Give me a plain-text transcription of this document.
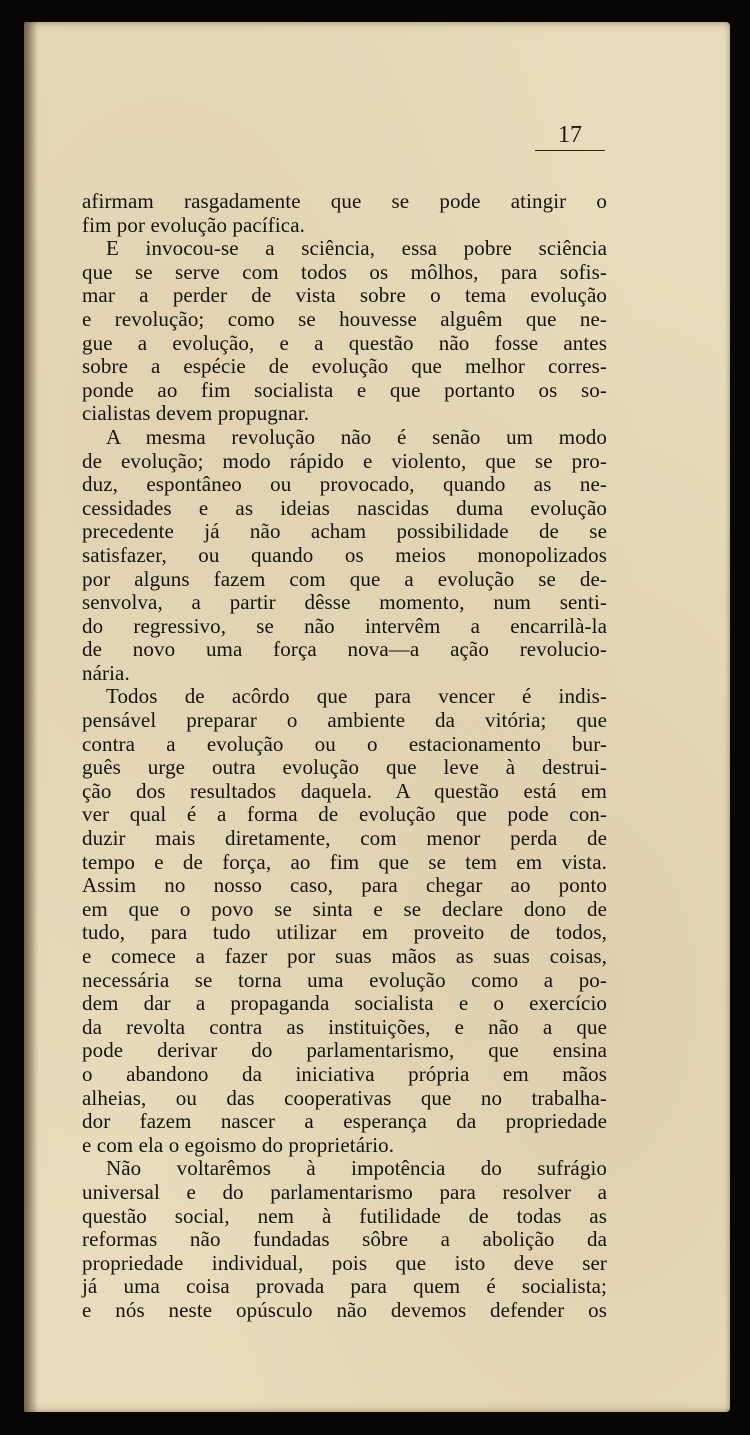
17
afirmam rasgadamente que se pode atingir o
fim por evolução pacífica.
E invocou-se a sciência, essa pobre sciência
que se serve com todos os môlhos, para sofis-
mar a perder de vista sobre o tema evolução
e revolução; como se houvesse alguêm que ne-
gue a evolução, e a questão não fosse antes
sobre a espécie de evolução que melhor corres-
ponde ao fim socialista e que portanto os so-
cialistas devem propugnar.
A mesma revolução não é senão um modo
de evolução; modo rápido e violento, que se pro-
duz, espontâneo ou provocado, quando as ne-
cessidades e as ideias nascidas duma evolução
precedente já não acham possibilidade de se
satisfazer, ou quando os meios monopolizados
por alguns fazem com que a evolução se de-
senvolva, a partir dêsse momento, num senti-
do regressivo, se não intervêm a encarrilà-la
de novo uma força nova—a ação revolucio-
nária.
Todos de acôrdo que para vencer é indis-
pensável preparar o ambiente da vitória; que
contra a evolução ou o estacionamento bur-
guês urge outra evolução que leve à destrui-
ção dos resultados daquela. A questão está em
ver qual é a forma de evolução que pode con-
duzir mais diretamente, com menor perda de
tempo e de força, ao fim que se tem em vista.
Assim no nosso caso, para chegar ao ponto
em que o povo se sinta e se declare dono de
tudo, para tudo utilizar em proveito de todos,
e comece a fazer por suas mãos as suas coisas,
necessária se torna uma evolução como a po-
dem dar a propaganda socialista e o exercício
da revolta contra as instituições, e não a que
pode derivar do parlamentarismo, que ensina
o abandono da iniciativa própria em mãos
alheias, ou das cooperativas que no trabalha-
dor fazem nascer a esperança da propriedade
e com ela o egoismo do proprietário.
Não voltarêmos à impotência do sufrágio
universal e do parlamentarismo para resolver a
questão social, nem à futilidade de todas as
reformas não fundadas sôbre a abolição da
propriedade individual, pois que isto deve ser
já uma coisa provada para quem é socialista;
e nós neste opúsculo não devemos defender os
